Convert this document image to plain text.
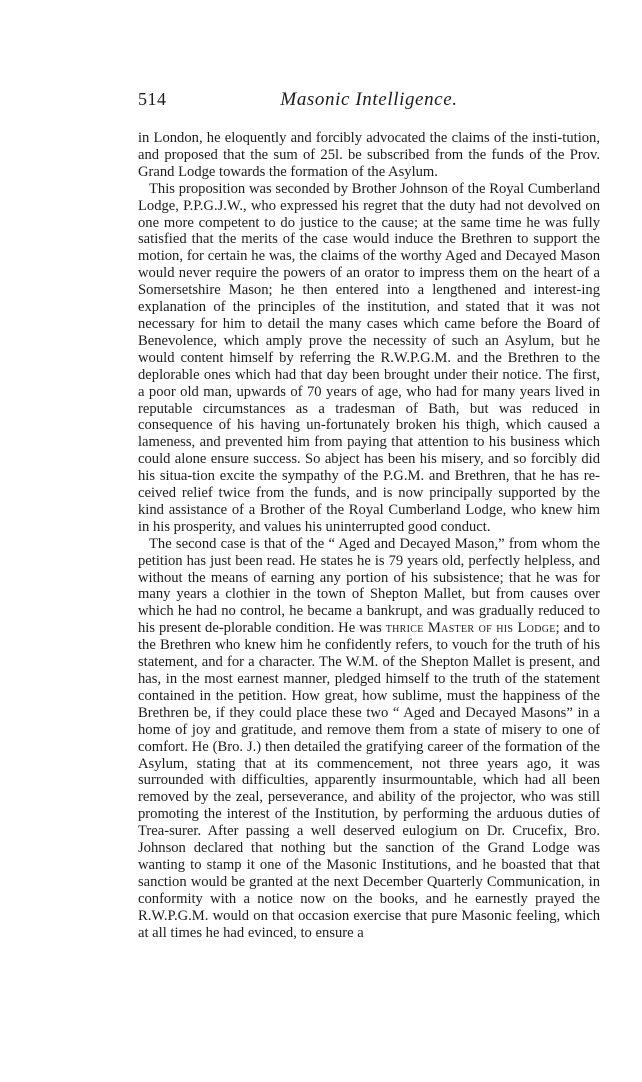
514	Masonic Intelligence.

in London, he eloquently and forcibly advocated the claims of the insti-tution, and proposed that the sum of 25l. be subscribed from the funds of the Prov. Grand Lodge towards the formation of the Asylum.

This proposition was seconded by Brother Johnson of the Royal Cumberland Lodge, P.P.G.J.W., who expressed his regret that the duty had not devolved on one more competent to do justice to the cause; at the same time he was fully satisfied that the merits of the case would induce the Brethren to support the motion, for certain he was, the claims of the worthy Aged and Decayed Mason would never require the powers of an orator to impress them on the heart of a Somersetshire Mason; he then entered into a lengthened and interest-ing explanation of the principles of the institution, and stated that it was not necessary for him to detail the many cases which came before the Board of Benevolence, which amply prove the necessity of such an Asylum, but he would content himself by referring the R.W.P.G.M. and the Brethren to the deplorable ones which had that day been brought under their notice. The first, a poor old man, upwards of 70 years of age, who had for many years lived in reputable circumstances as a tradesman of Bath, but was reduced in consequence of his having un-fortunately broken his thigh, which caused a lameness, and prevented him from paying that attention to his business which could alone ensure success. So abject has been his misery, and so forcibly did his situa-tion excite the sympathy of the P.G.M. and Brethren, that he has re-ceived relief twice from the funds, and is now principally supported by the kind assistance of a Brother of the Royal Cumberland Lodge, who knew him in his prosperity, and values his uninterrupted good conduct.

The second case is that of the “ Aged and Decayed Mason,” from whom the petition has just been read. He states he is 79 years old, perfectly helpless, and without the means of earning any portion of his subsistence; that he was for many years a clothier in the town of Shepton Mallet, but from causes over which he had no control, he became a bankrupt, and was gradually reduced to his present de-plorable condition. He was thrice Master of his Lodge; and to the Brethren who knew him he confidently refers, to vouch for the truth of his statement, and for a character. The W.M. of the Shepton Mallet is present, and has, in the most earnest manner, pledged himself to the truth of the statement contained in the petition. How great, how sublime, must the happiness of the Brethren be, if they could place these two “ Aged and Decayed Masons” in a home of joy and gratitude, and remove them from a state of misery to one of comfort. He (Bro. J.) then detailed the gratifying career of the formation of the Asylum, stating that at its commencement, not three years ago, it was surrounded with difficulties, apparently insurmountable, which had all been removed by the zeal, perseverance, and ability of the projector, who was still promoting the interest of the Institution, by performing the arduous duties of Trea-surer. After passing a well deserved eulogium on Dr. Crucefix, Bro. Johnson declared that nothing but the sanction of the Grand Lodge was wanting to stamp it one of the Masonic Institutions, and he boasted that that sanction would be granted at the next December Quarterly Communication, in conformity with a notice now on the books, and he earnestly prayed the R.W.P.G.M. would on that occasion exercise that pure Masonic feeling, which at all times he had evinced, to ensure a
